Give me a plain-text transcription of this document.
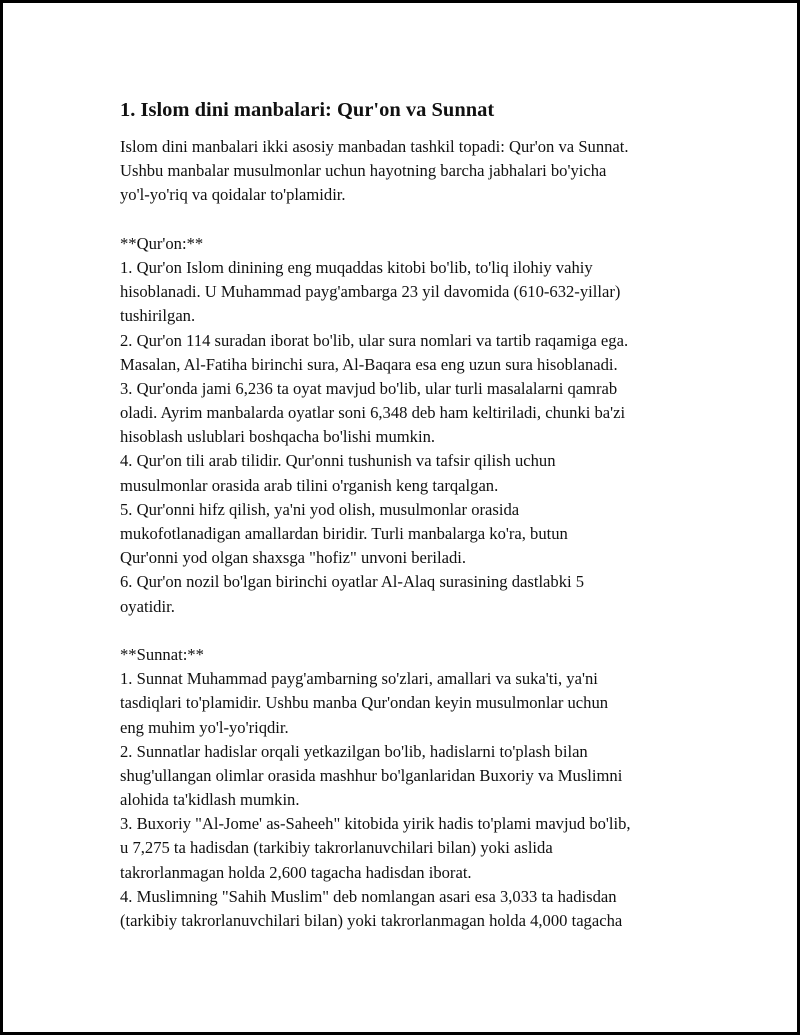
1. Islom dini manbalari: Qur'on va Sunnat
Islom dini manbalari ikki asosiy manbadan tashkil topadi: Qur'on va Sunnat.
Ushbu manbalar musulmonlar uchun hayotning barcha jabhalari bo'yicha
yo'l-yo'riq va qoidalar to'plamidir.
**Qur'on:**
1. Qur'on Islom dinining eng muqaddas kitobi bo'lib, to'liq ilohiy vahiy
hisoblanadi. U Muhammad payg'ambarga 23 yil davomida (610-632-yillar)
tushirilgan.
2. Qur'on 114 suradan iborat bo'lib, ular sura nomlari va tartib raqamiga ega.
Masalan, Al-Fatiha birinchi sura, Al-Baqara esa eng uzun sura hisoblanadi.
3. Qur'onda jami 6,236 ta oyat mavjud bo'lib, ular turli masalalarni qamrab
oladi. Ayrim manbalarda oyatlar soni 6,348 deb ham keltiriladi, chunki ba'zi
hisoblash uslublari boshqacha bo'lishi mumkin.
4. Qur'on tili arab tilidir. Qur'onni tushunish va tafsir qilish uchun
musulmonlar orasida arab tilini o'rganish keng tarqalgan.
5. Qur'onni hifz qilish, ya'ni yod olish, musulmonlar orasida
mukofotlanadigan amallardan biridir. Turli manbalarga ko'ra, butun
Qur'onni yod olgan shaxsga "hofiz" unvoni beriladi.
6. Qur'on nozil bo'lgan birinchi oyatlar Al-Alaq surasining dastlabki 5
oyatidir.
**Sunnat:**
1. Sunnat Muhammad payg'ambarning so'zlari, amallari va suka'ti, ya'ni
tasdiqlari to'plamidir. Ushbu manba Qur'ondan keyin musulmonlar uchun
eng muhim yo'l-yo'riqdir.
2. Sunnatlar hadislar orqali yetkazilgan bo'lib, hadislarni to'plash bilan
shug'ullangan olimlar orasida mashhur bo'lganlaridan Buxoriy va Muslimni
alohida ta'kidlash mumkin.
3. Buxoriy "Al-Jome' as-Saheeh" kitobida yirik hadis to'plami mavjud bo'lib,
u 7,275 ta hadisdan (tarkibiy takrorlanuvchilari bilan) yoki aslida
takrorlanmagan holda 2,600 tagacha hadisdan iborat.
4. Muslimning "Sahih Muslim" deb nomlangan asari esa 3,033 ta hadisdan
(tarkibiy takrorlanuvchilari bilan) yoki takrorlanmagan holda 4,000 tagacha
